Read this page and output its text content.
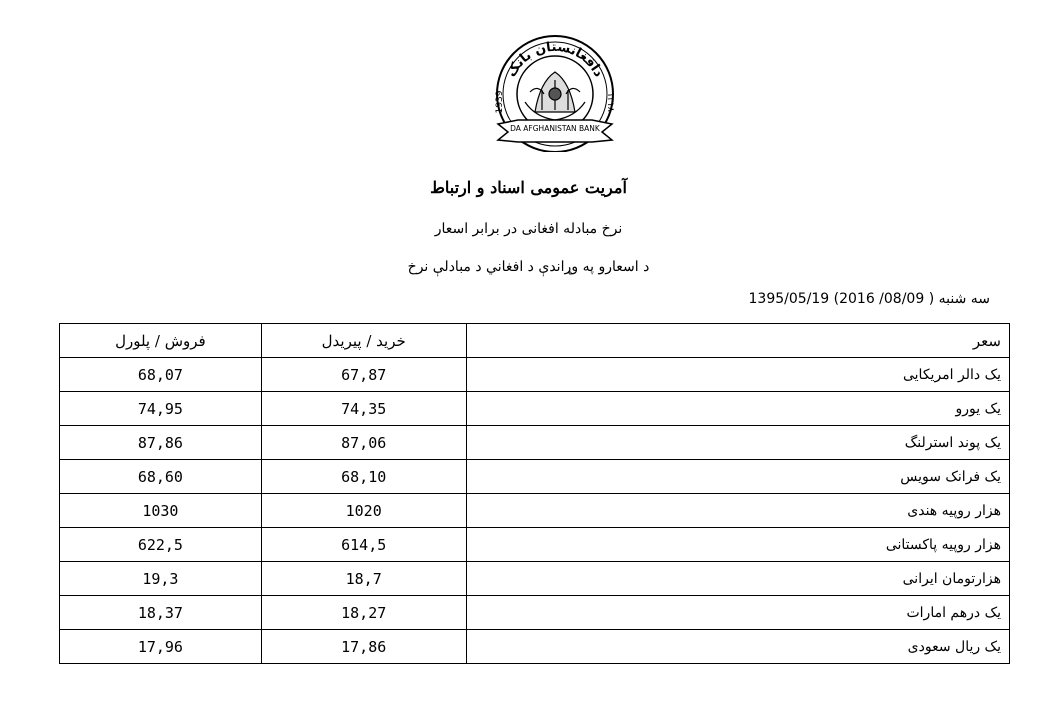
دافغانستان بانک
1939	۱۳۱۸
DA AFGHANISTAN BANK
آمریت عمومی اسناد و ارتباط
نرخ مبادله افغانی در برابر اسعار
د اسعارو په وړاندې د افغاني د مبادلې نرخ
1395/05/19 (2016 /08/09 ) سه شنبه
فروش / پلورل	خرید / پیریدل	سعر
68,07	67,87	یک دالر امریکایی
74,95	74,35	یک یورو
87,86	87,06	یک پوند استرلنگ
68,60	68,10	یک فرانک سویس
1030	1020	هزار روپیه هندی
622,5	614,5	هزار روپیه پاکستانی
19,3	18,7	هزارتومان ایرانی
18,37	18,27	یک درهم امارات
17,96	17,86	یک ریال سعودی
